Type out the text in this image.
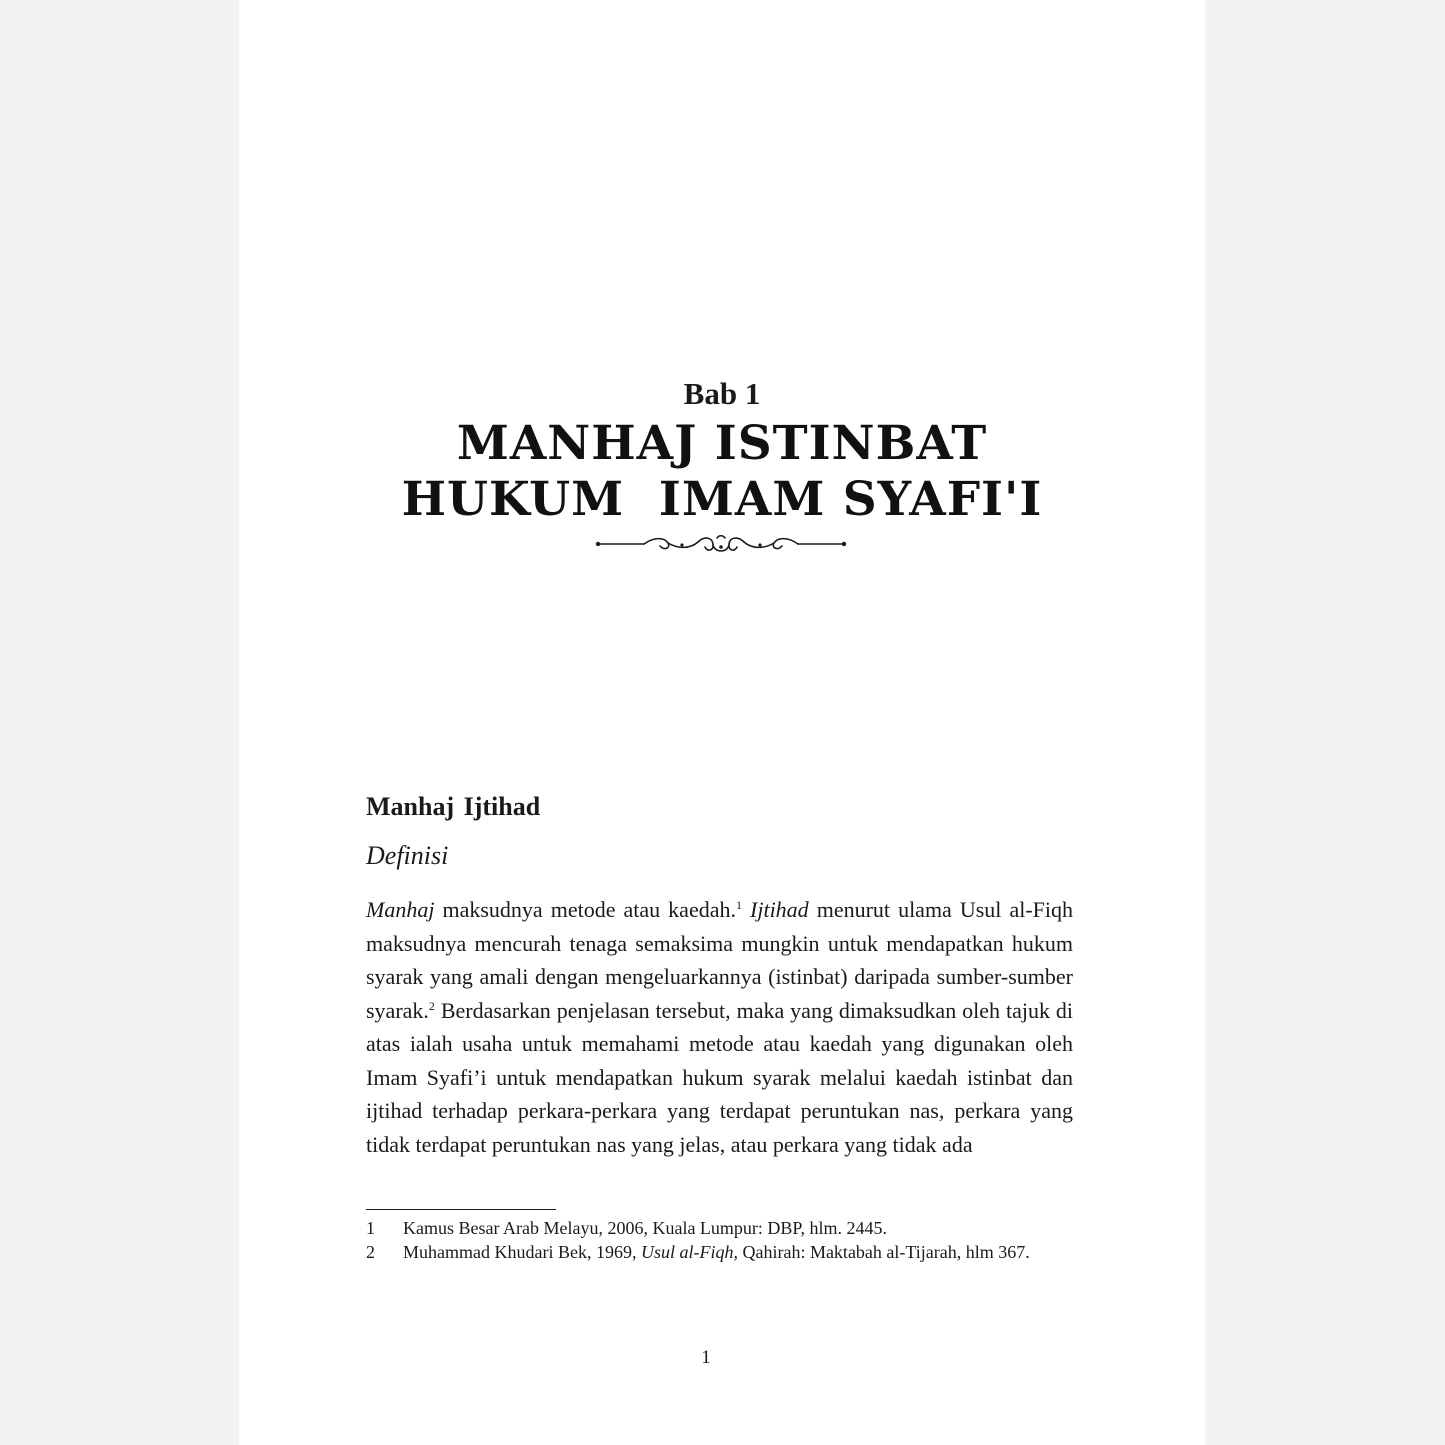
Bab 1
MANHAJ ISTINBAT
HUKUM  IMAM SYAFI'I
Manhaj Ijtihad
Definisi

Manhaj maksudnya metode atau kaedah.$^1$ Ijtihad menurut ulama Usul al-Fiqh maksudnya mencurah tenaga semaksima mungkin untuk mendapatkan hukum syarak yang amali dengan mengeluarkannya (istinbat) daripada sumber-sumber syarak.$^2$ Berdasarkan penjelasan tersebut, maka yang dimaksudkan oleh tajuk di atas ialah usaha untuk memahami metode atau kaedah yang digunakan oleh Imam Syafi’i untuk mendapatkan hukum syarak melalui kaedah istinbat dan ijtihad terhadap perkara-perkara yang terdapat peruntukan nas, perkara yang tidak terdapat peruntukan nas yang jelas, atau perkara yang tidak ada

1	Kamus Besar Arab Melayu, 2006, Kuala Lumpur: DBP, hlm. 2445.
2	Muhammad Khudari Bek, 1969, Usul al-Fiqh, Qahirah: Maktabah al-Tijarah, hlm 367.
1
